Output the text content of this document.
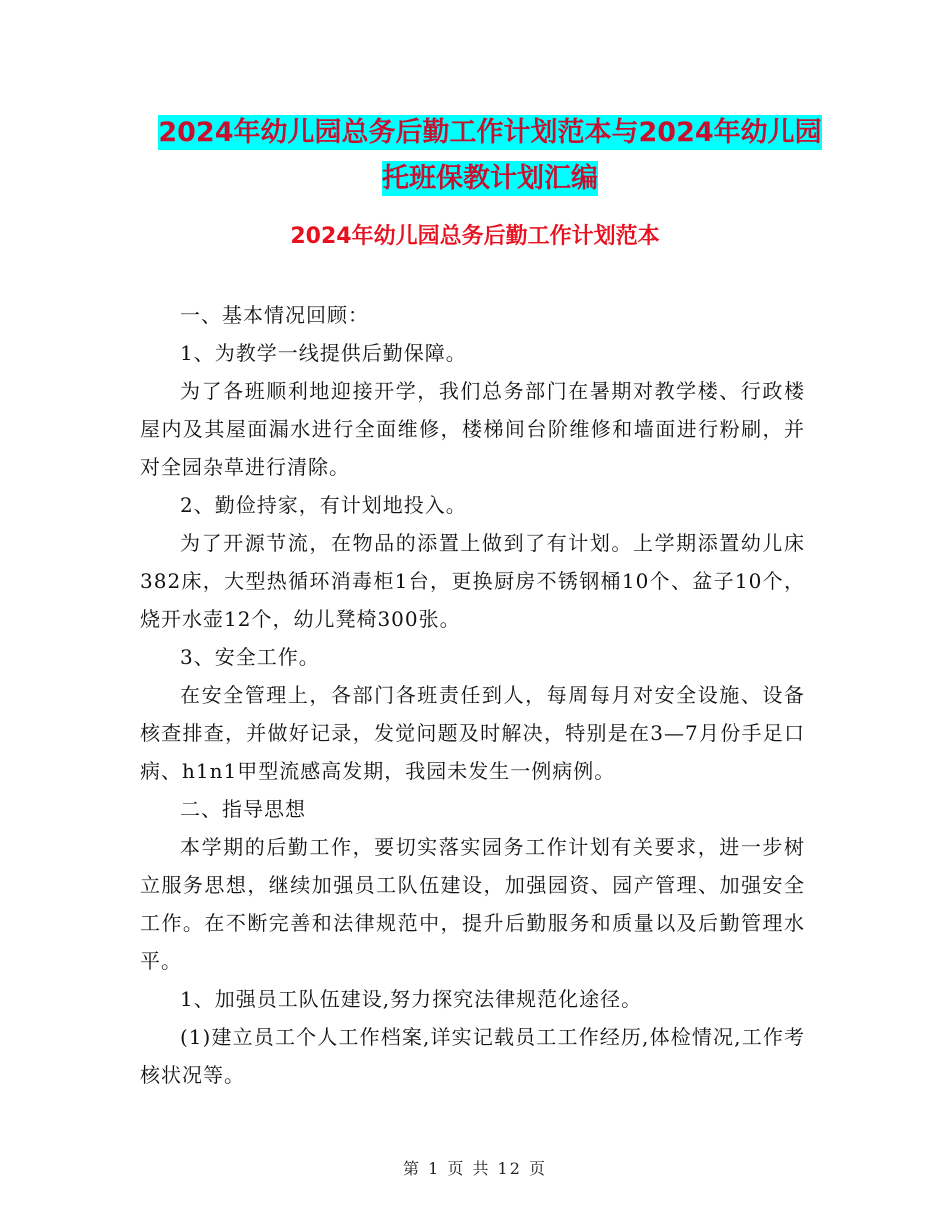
2024年幼儿园总务后勤工作计划范本与2024年幼儿园
托班保教计划汇编
2024年幼儿园总务后勤工作计划范本

一、基本情况回顾：

1、为教学一线提供后勤保障。

为了各班顺利地迎接开学，我们总务部门在暑期对教学楼、行政楼屋内及其屋面漏水进行全面维修，楼梯间台阶维修和墙面进行粉刷，并对全园杂草进行清除。

2、勤俭持家，有计划地投入。

为了开源节流，在物品的添置上做到了有计划。上学期添置幼儿床382床，大型热循环消毒柜1台，更换厨房不锈钢桶10个、盆子10个，烧开水壶12个，幼儿凳椅300张。

3、安全工作。

在安全管理上，各部门各班责任到人，每周每月对安全设施、设备核查排查，并做好记录，发觉问题及时解决，特别是在3—7月份手足口病、h1n1甲型流感高发期，我园未发生一例病例。

二、指导思想

本学期的后勤工作，要切实落实园务工作计划有关要求，进一步树立服务思想，继续加强员工队伍建设，加强园资、园产管理、加强安全工作。在不断完善和法律规范中，提升后勤服务和质量以及后勤管理水平。

1、加强员工队伍建设,努力探究法律规范化途径。

(1)建立员工个人工作档案,详实记载员工工作经历,体检情况,工作考核状况等。

第 1 页 共 12 页
